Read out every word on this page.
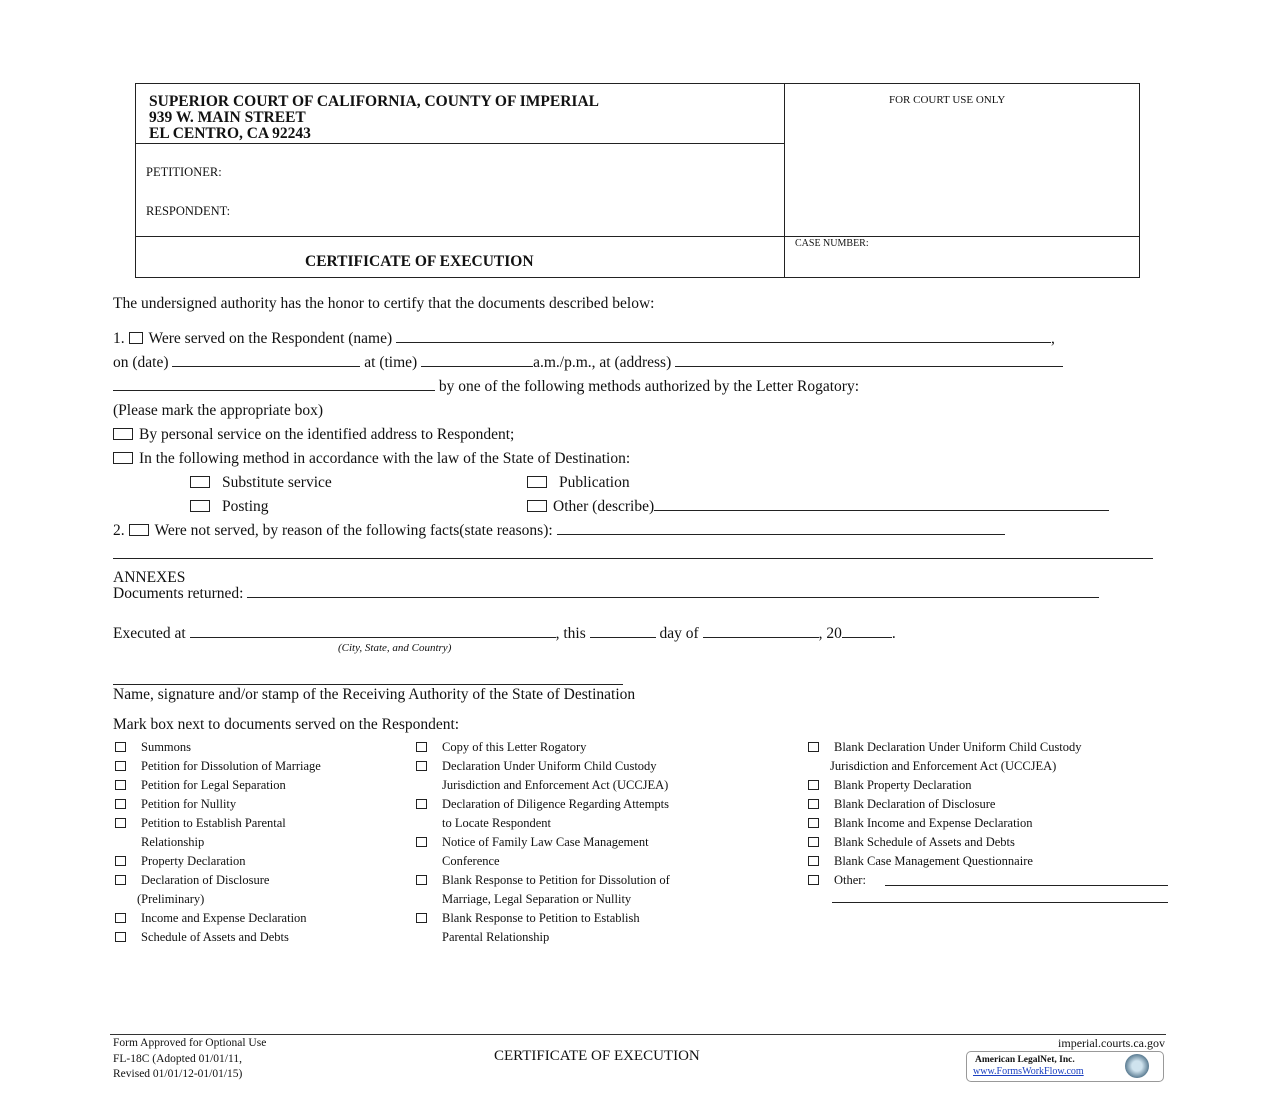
SUPERIOR COURT OF CALIFORNIA, COUNTY OF IMPERIAL
939 W. MAIN STREET
EL CENTRO, CA 92243
FOR COURT USE ONLY
PETITIONER:
RESPONDENT:
CERTIFICATE OF EXECUTION
CASE NUMBER:
The undersigned authority has the honor to certify that the documents described below:
1. Were served on the Respondent (name)	,
on (date)	at (time)	a.m./p.m., at (address)
by one of the following methods authorized by the Letter Rogatory:
(Please mark the appropriate box)
By personal service on the identified address to Respondent;
In the following method in accordance with the law of the State of Destination:
Substitute service	Publication
Posting	Other (describe)
2. Were not served, by reason of the following facts(state reasons):
ANNEXES
Documents returned:
Executed at	, this	day of	, 20	.
(City, State, and Country)
Name, signature and/or stamp of the Receiving Authority of the State of Destination
Mark box next to documents served on the Respondent:
Summons
Petition for Dissolution of Marriage
Petition for Legal Separation
Petition for Nullity
Petition to Establish Parental
Relationship
Property Declaration
Declaration of Disclosure
(Preliminary)
Income and Expense Declaration
Schedule of Assets and Debts
Copy of this Letter Rogatory
Declaration Under Uniform Child Custody
Jurisdiction and Enforcement Act (UCCJEA)
Declaration of Diligence Regarding Attempts
to Locate Respondent
Notice of Family Law Case Management
Conference
Blank Response to Petition for Dissolution of
Marriage, Legal Separation or Nullity
Blank Response to Petition to Establish
Parental Relationship
Blank Declaration Under Uniform Child Custody
Jurisdiction and Enforcement Act (UCCJEA)
Blank Property Declaration
Blank Declaration of Disclosure
Blank Income and Expense Declaration
Blank Schedule of Assets and Debts
Blank Case Management Questionnaire
Other:
Form Approved for Optional Use
FL-18C (Adopted 01/01/11,
Revised 01/01/12-01/01/15)
CERTIFICATE OF EXECUTION
imperial.courts.ca.gov
American LegalNet, Inc.
www.FormsWorkFlow.com
